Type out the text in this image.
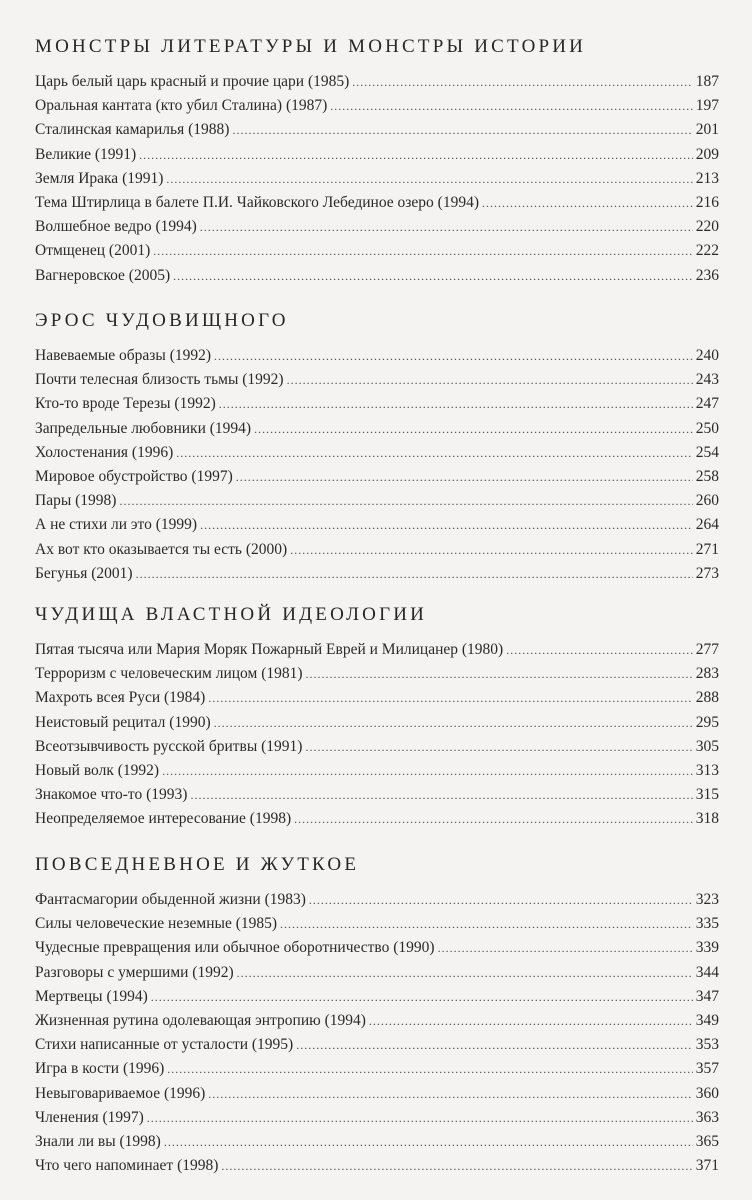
МОНСТРЫ ЛИТЕРАТУРЫ И МОНСТРЫ ИСТОРИИ
Царь белый царь красный и прочие цари (1985) .....	187
Оральная кантата (кто убил Сталина) (1987) .....	197
Сталинская камарилья (1988) .....	201
Великие (1991) .....	209
Земля Ирака (1991) .....	213
Тема Штирлица в балете П.И. Чайковского Лебединое озеро (1994) .....	216
Волшебное ведро (1994) .....	220
Отмщенец (2001) .....	222
Вагнеровское (2005) .....	236
ЭРОС ЧУДОВИЩНОГО
Навеваемые образы (1992) .....	240
Почти телесная близость тьмы (1992) .....	243
Кто-то вроде Терезы (1992) .....	247
Запредельные любовники (1994) .....	250
Холостенания (1996) .....	254
Мировое обустройство (1997) .....	258
Пары (1998) .....	260
А не стихи ли это (1999) .....	264
Ах вот кто оказывается ты есть (2000) .....	271
Бегунья (2001) .....	273
ЧУДИЩА ВЛАСТНОЙ ИДЕОЛОГИИ
Пятая тысяча или Мария Моряк Пожарный Еврей и Милицанер (1980) .....	277
Терроризм с человеческим лицом (1981) .....	283
Махроть всея Руси (1984) .....	288
Неистовый рецитал (1990) .....	295
Всеотзывчивость русской бритвы (1991) .....	305
Новый волк (1992) .....	313
Знакомое что-то (1993) .....	315
Неопределяемое интересование (1998) .....	318
ПОВСЕДНЕВНОЕ И ЖУТКОЕ
Фантасмагории обыденной жизни (1983) .....	323
Силы человеческие неземные (1985) .....	335
Чудесные превращения или обычное оборотничество (1990) .....	339
Разговоры с умершими (1992) .....	344
Мертвецы (1994) .....	347
Жизненная рутина одолевающая энтропию (1994) .....	349
Стихи написанные от усталости (1995) .....	353
Игра в кости (1996) .....	357
Невыговариваемое (1996) .....	360
Членения (1997) .....	363
Знали ли вы (1998) .....	365
Что чего напоминает (1998) .....	371
